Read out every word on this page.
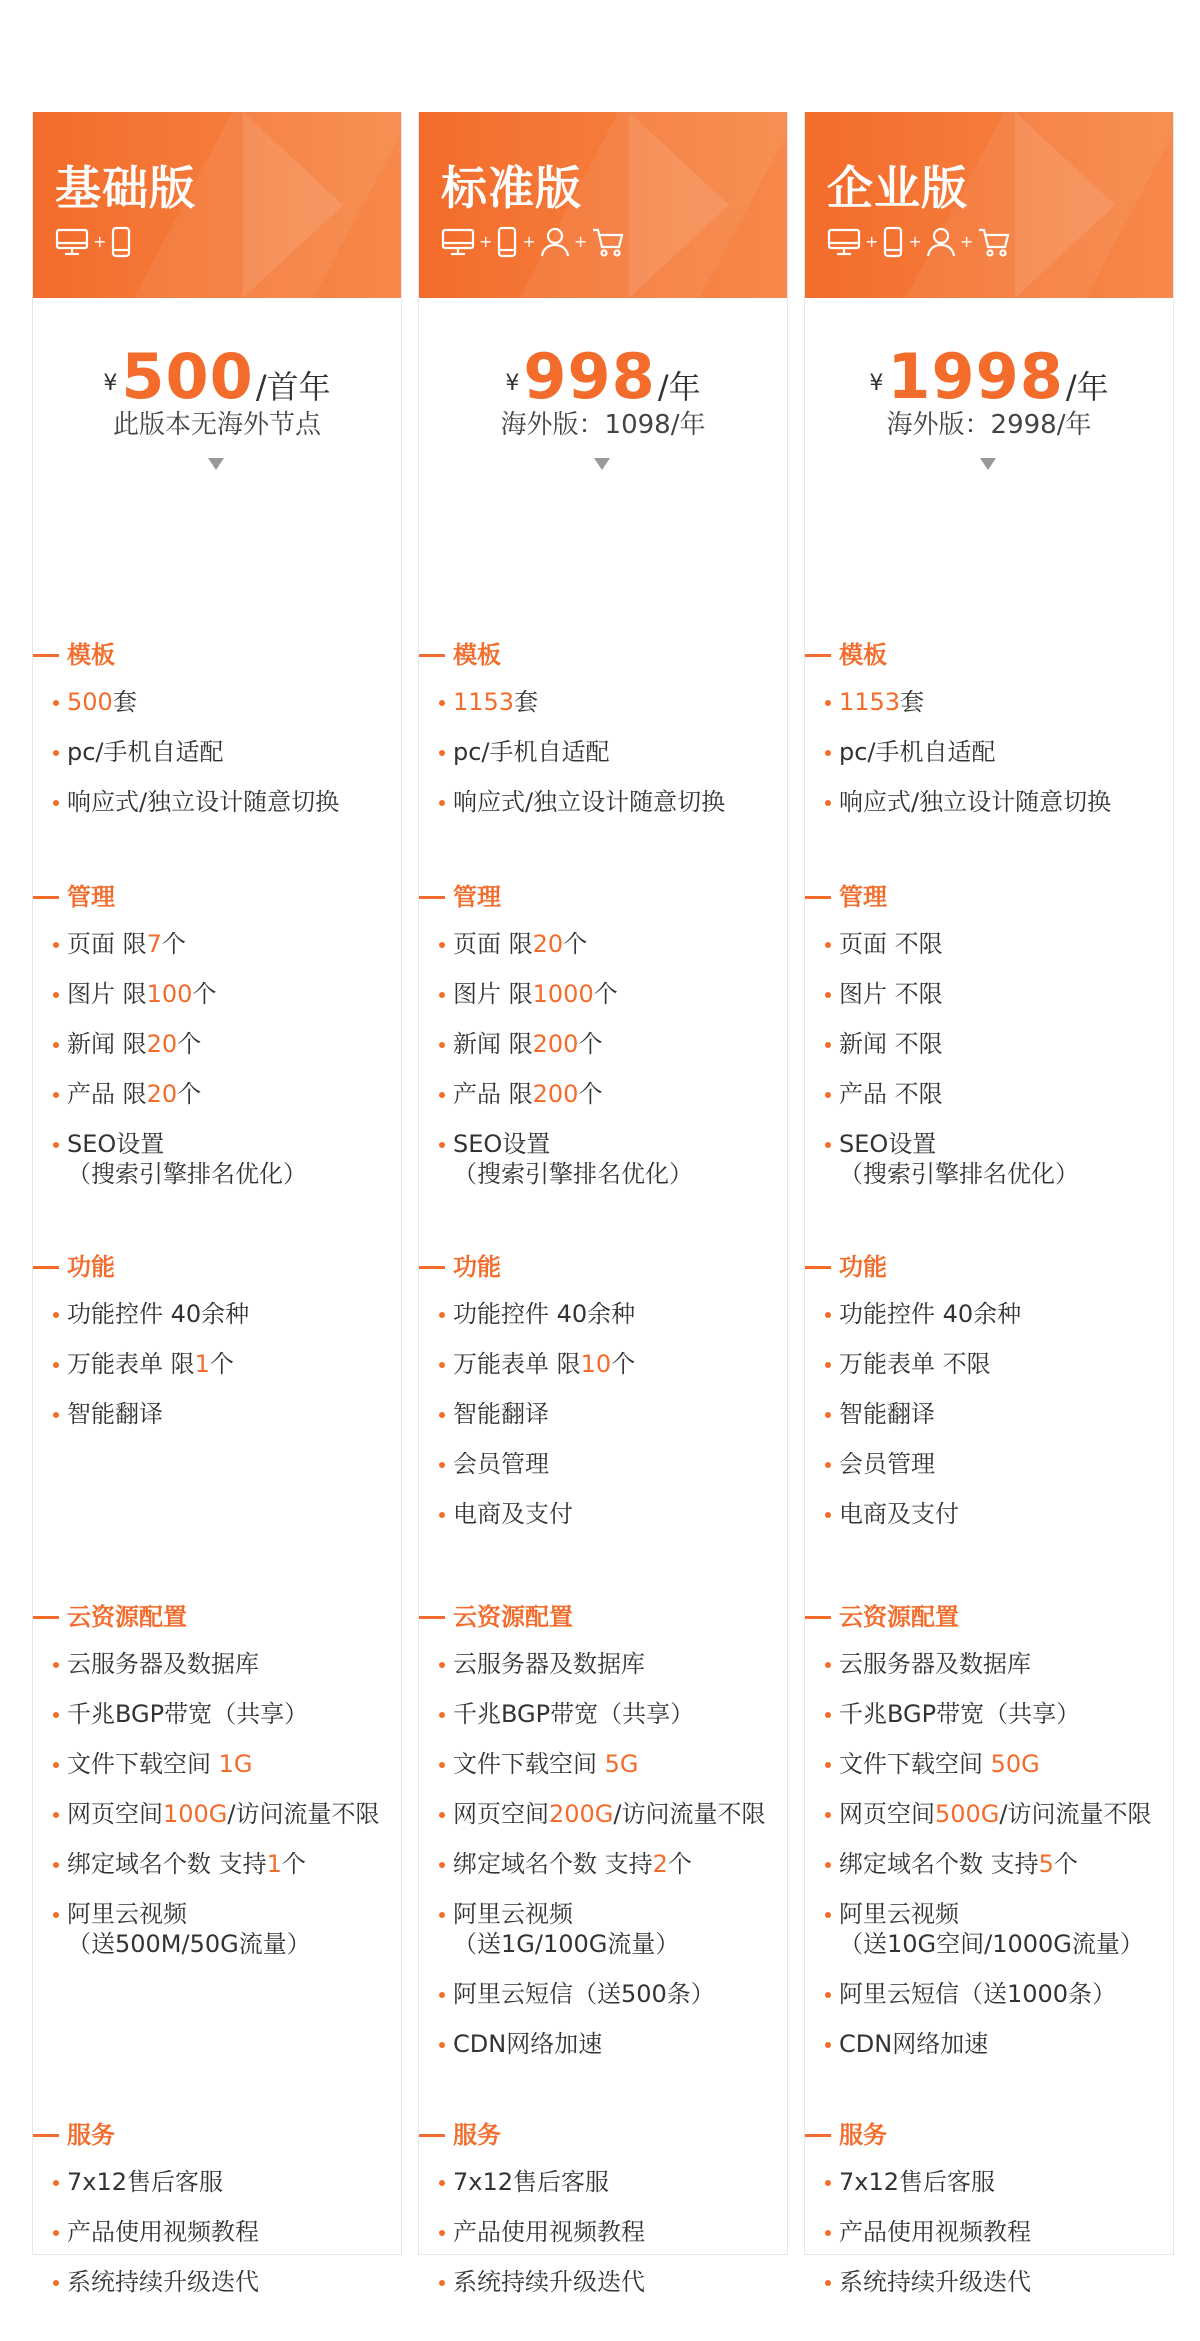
基础版
+
¥500/首年
此版本无海外节点
模板
500套
pc/手机自适配
响应式/独立设计随意切换
管理
页面 限7个
图片 限100个
新闻 限20个
产品 限20个
SEO设置
（搜索引擎排名优化）
功能
功能控件 40余种
万能表单 限1个
智能翻译
云资源配置
云服务器及数据库
千兆BGP带宽（共享）
文件下载空间 1G
网页空间100G/访问流量不限
绑定域名个数 支持1个
阿里云视频
（送500M/50G流量）
服务
7x12售后客服
产品使用视频教程
系统持续升级迭代
标准版
+ + +
¥998/年
海外版：1098/年
模板
1153套
pc/手机自适配
响应式/独立设计随意切换
管理
页面 限20个
图片 限1000个
新闻 限200个
产品 限200个
SEO设置
（搜索引擎排名优化）
功能
功能控件 40余种
万能表单 限10个
智能翻译
会员管理
电商及支付
云资源配置
云服务器及数据库
千兆BGP带宽（共享）
文件下载空间 5G
网页空间200G/访问流量不限
绑定域名个数 支持2个
阿里云视频
（送1G/100G流量）
阿里云短信（送500条）
CDN网络加速
服务
7x12售后客服
产品使用视频教程
系统持续升级迭代
企业版
+ + +
¥1998/年
海外版：2998/年
模板
1153套
pc/手机自适配
响应式/独立设计随意切换
管理
页面 不限
图片 不限
新闻 不限
产品 不限
SEO设置
（搜索引擎排名优化）
功能
功能控件 40余种
万能表单 不限
智能翻译
会员管理
电商及支付
云资源配置
云服务器及数据库
千兆BGP带宽（共享）
文件下载空间 50G
网页空间500G/访问流量不限
绑定域名个数 支持5个
阿里云视频
（送10G空间/1000G流量）
阿里云短信（送1000条）
CDN网络加速
服务
7x12售后客服
产品使用视频教程
系统持续升级迭代
